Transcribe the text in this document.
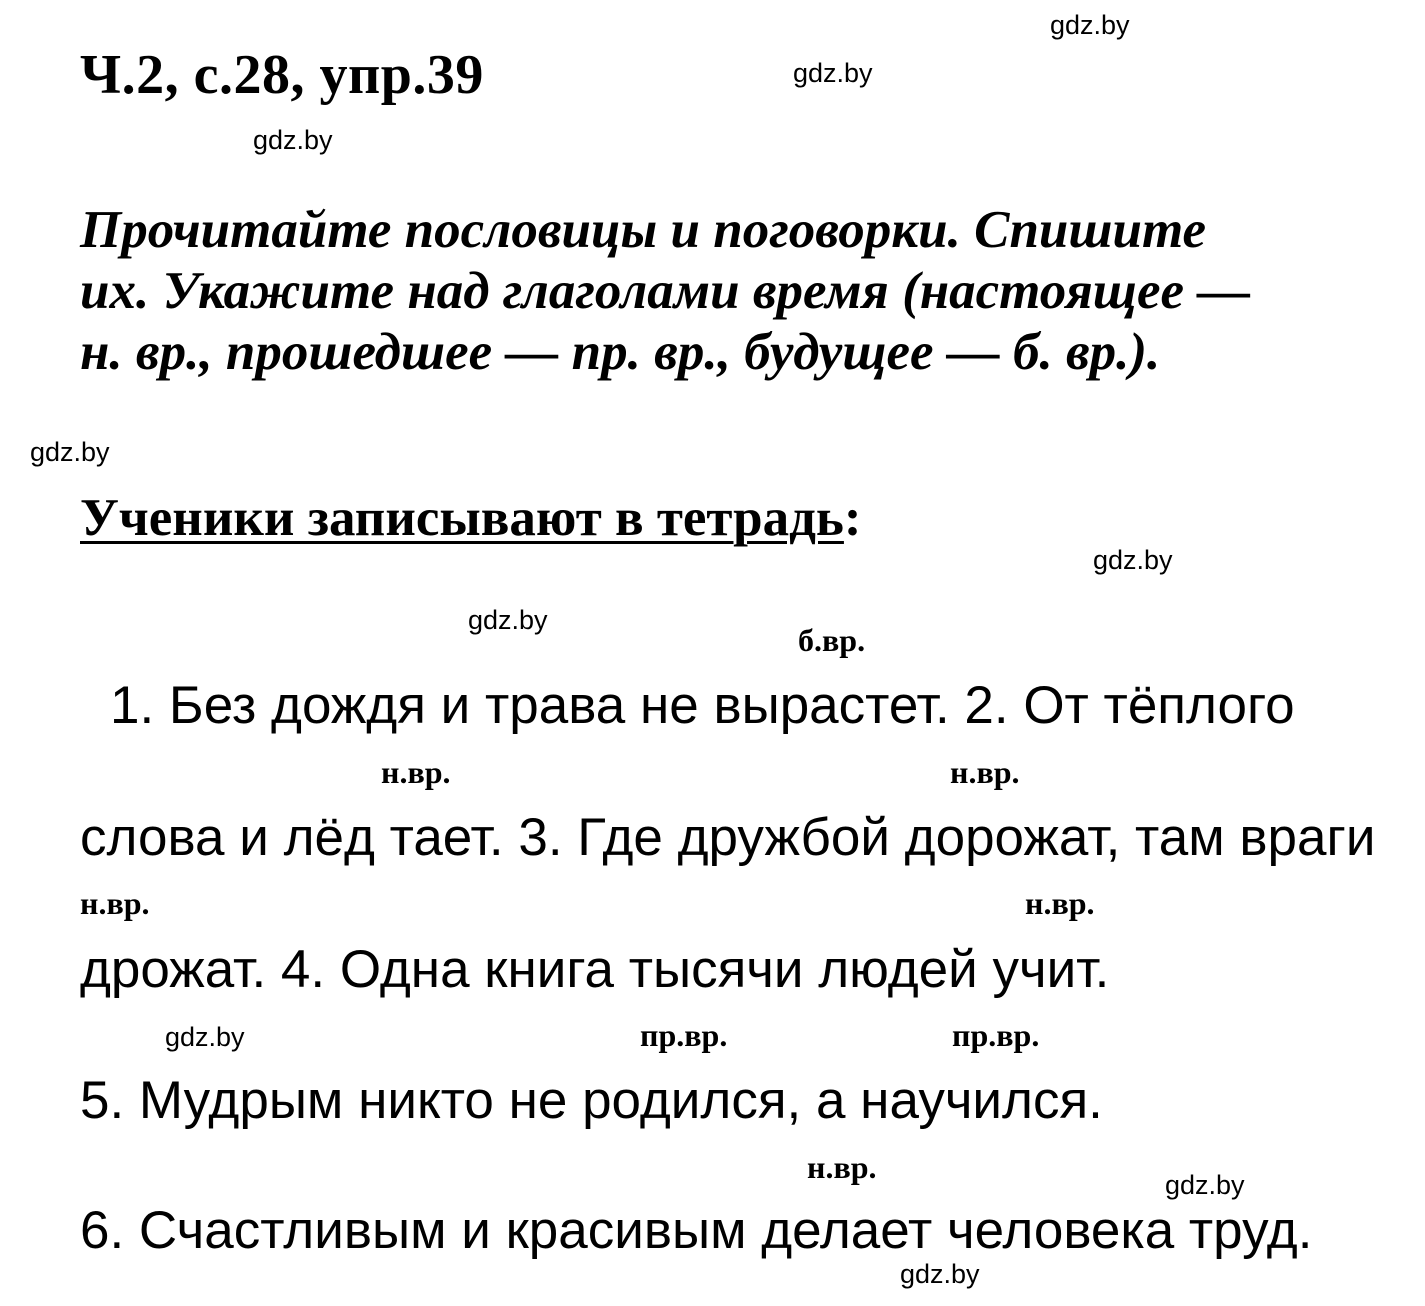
gdz.by
gdz.by
gdz.by
gdz.by
gdz.by
gdz.by
gdz.by
gdz.by
gdz.by
Ч.2, с.28, упр.39
Прочитайте пословицы и поговорки. Спишите
их. Укажите над глаголами время (настоящее —
н. вр., прошедшее — пр. вр., будущее — б. вр.).
Ученики записывают в тетрадь:
б.вр.
н.вр.	н.вр.
н.вр.	н.вр.
пр.вр.	пр.вр.
н.вр.
1. Без дождя и трава не вырастет. 2. От тёплого
слова и лёд тает. 3. Где дружбой дорожат, там враги
дрожат. 4. Одна книга тысячи людей учит.
5. Мудрым никто не родился, а научился.
6. Счастливым и красивым делает человека труд.
